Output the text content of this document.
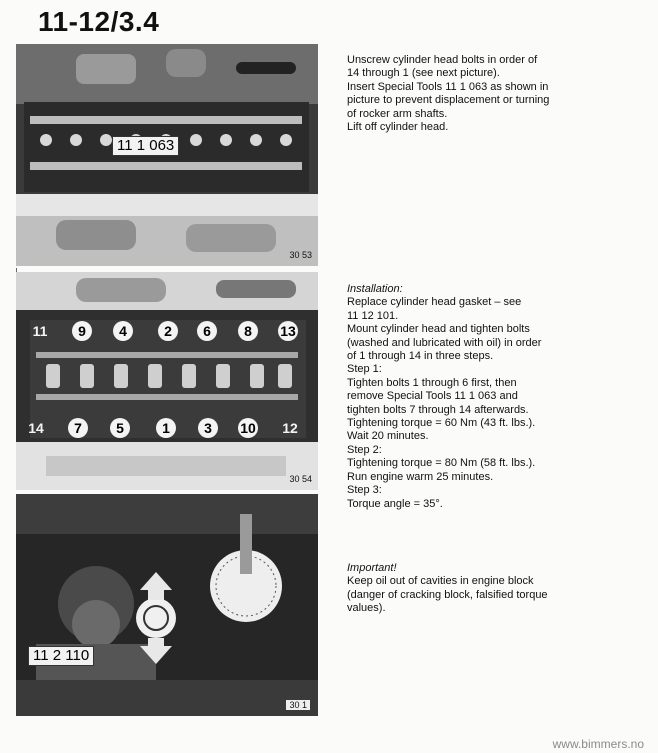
11-12/3.4
11 1 063
30 53
11	9	4	2	6	8	13
14	7	5	1	3	10 12
30 54
11 2 110
30 1
Unscrew cylinder head bolts in order of
14 through 1 (see next picture).
Insert Special Tools 11 1 063 as shown in
picture to prevent displacement or turning
of rocker arm shafts.
Lift off cylinder head.
Installation:
Replace cylinder head gasket – see
11 12 101.
Mount cylinder head and tighten bolts
(washed and lubricated with oil) in order
of 1 through 14 in three steps.
Step 1:
Tighten bolts 1 through 6 first, then
remove Special Tools 11 1 063 and
tighten bolts 7 through 14 afterwards.
Tightening torque = 60 Nm (43 ft. lbs.).
Wait 20 minutes.
Step 2:
Tightening torque = 80 Nm (58 ft. lbs.).
Run engine warm 25 minutes.
Step 3:
Torque angle = 35°.
Important!
Keep oil out of cavities in engine block
(danger of cracking block, falsified torque
values).
www.bimmers.no
